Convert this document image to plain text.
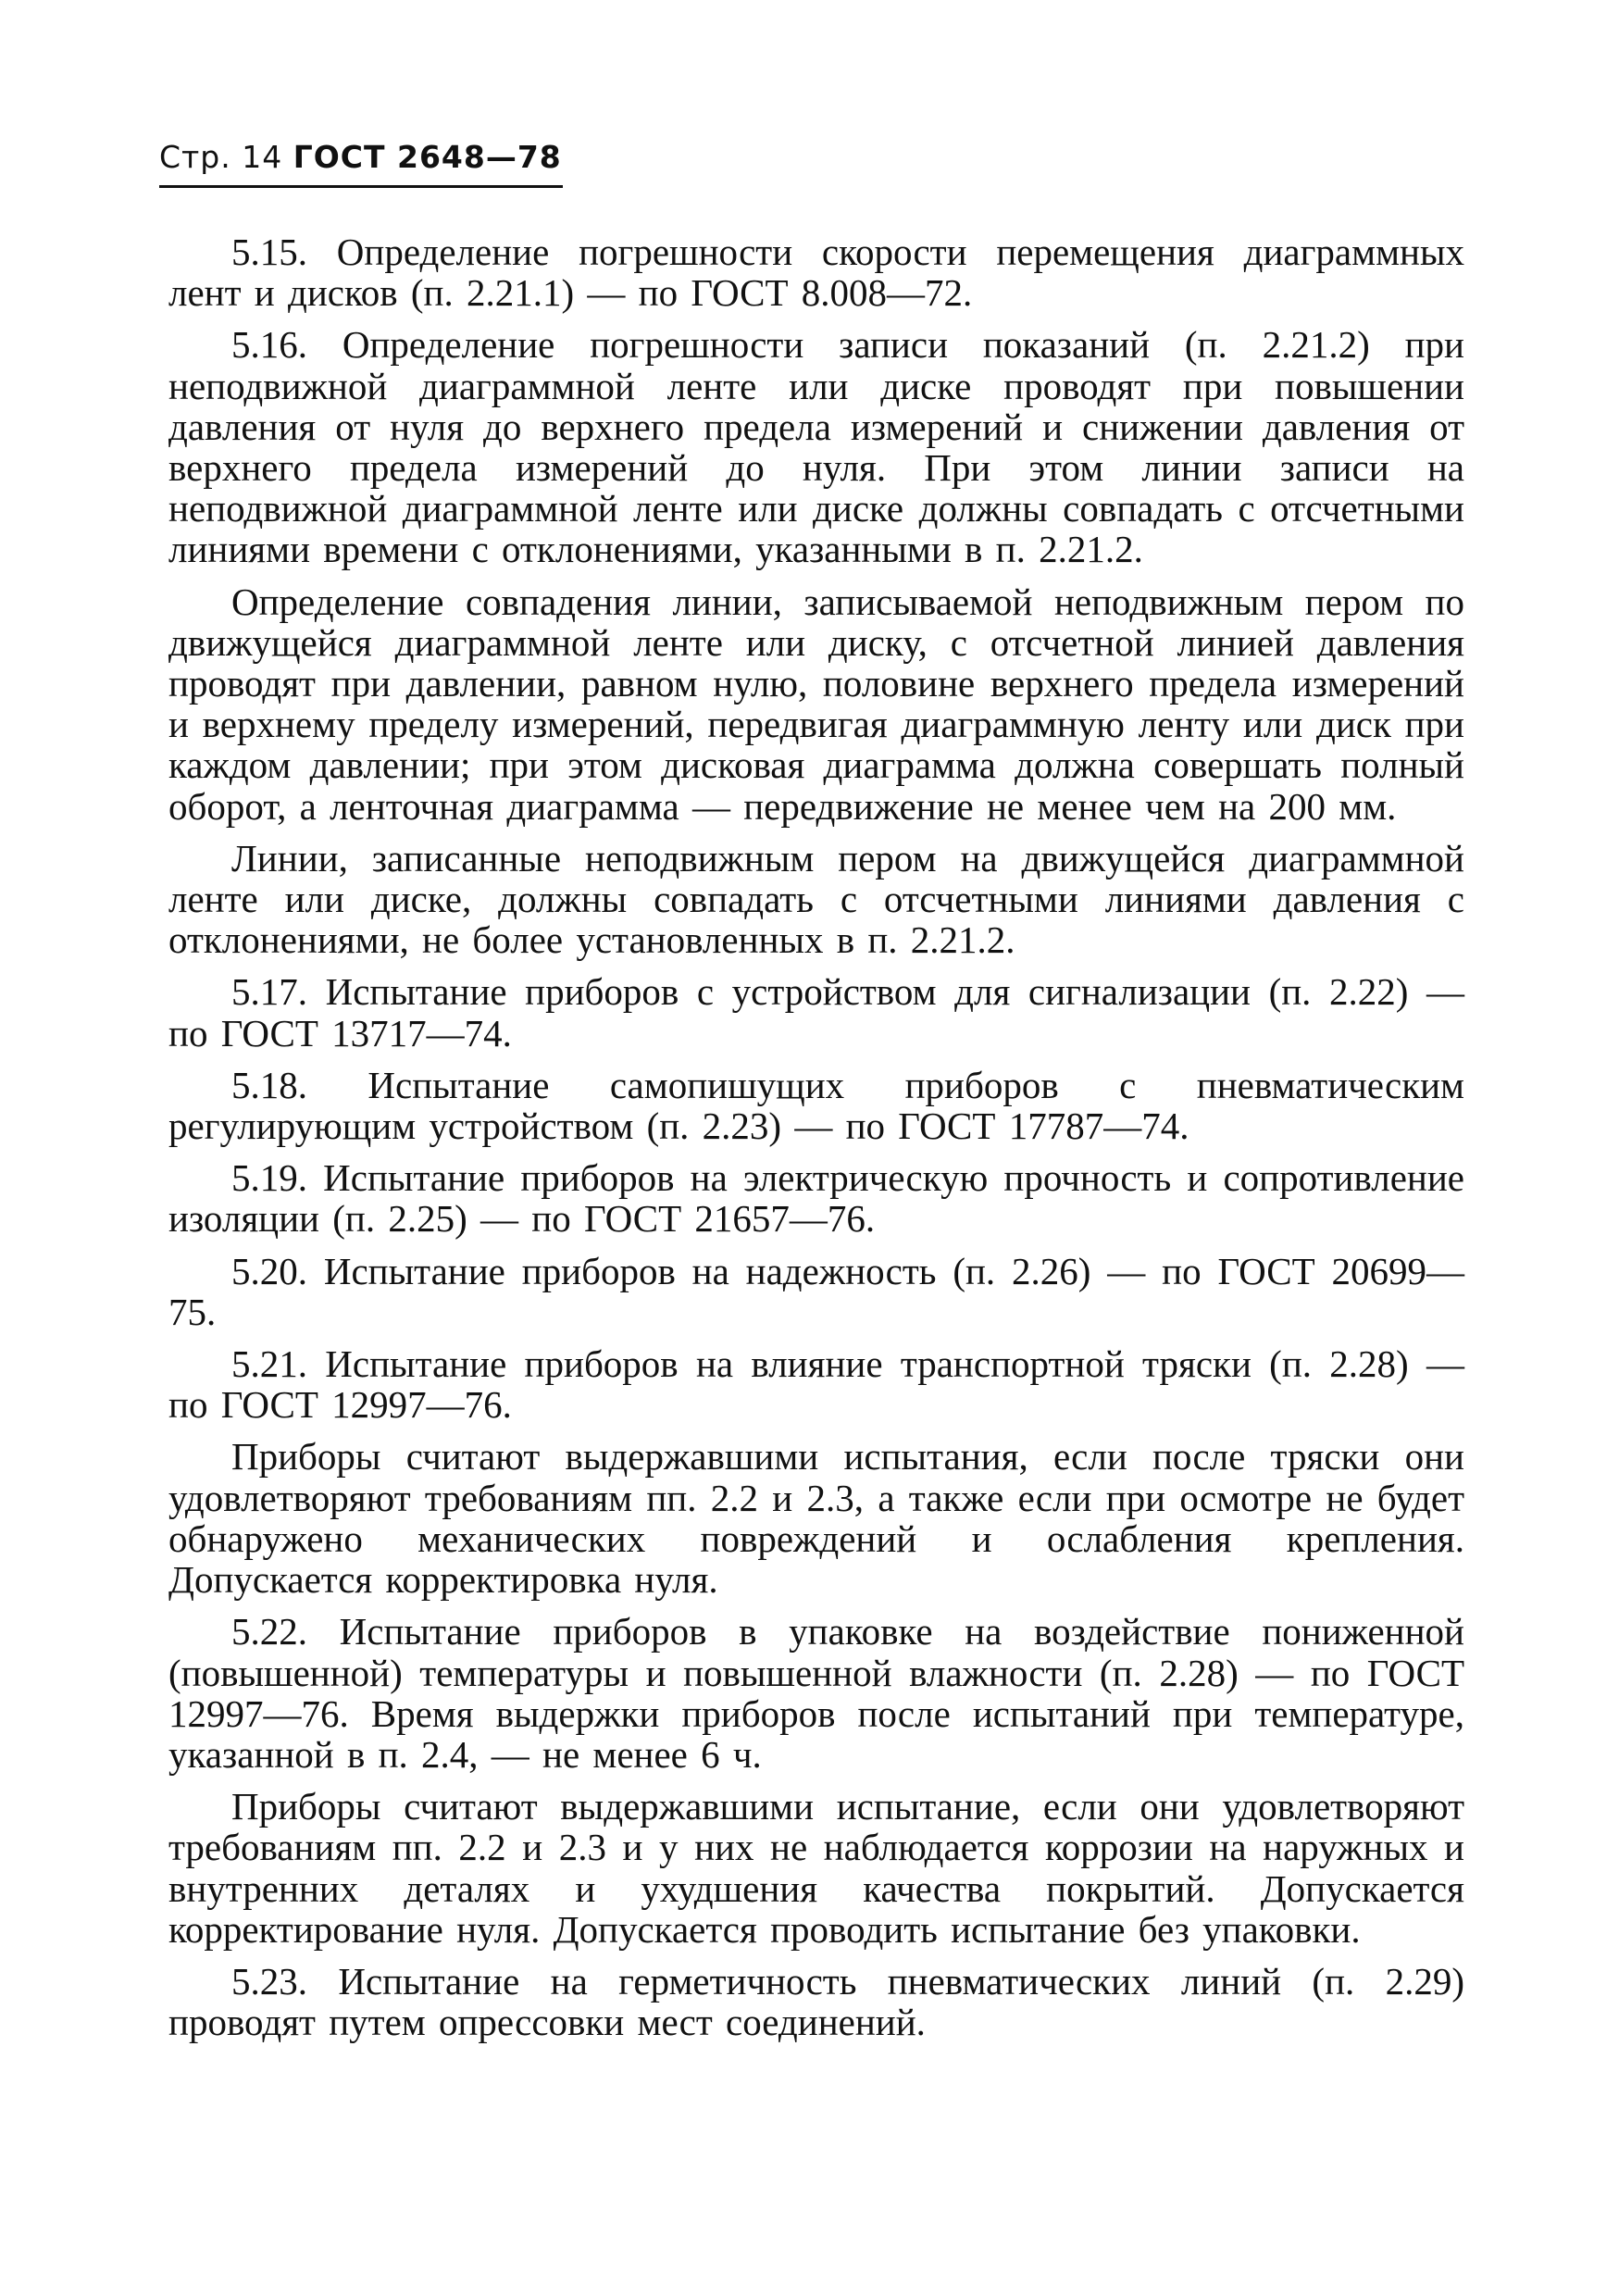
Стр. 14 ГОСТ 2648—78

5.15. Определение погрешности скорости перемещения диаграммных лент и дисков (п. 2.21.1) — по ГОСТ 8.008—72.

5.16. Определение погрешности записи показаний (п. 2.21.2) при неподвижной диаграммной ленте или диске проводят при повышении давления от нуля до верхнего предела измерений и снижении давления от верхнего предела измерений до нуля. При этом линии записи на неподвижной диаграммной ленте или диске должны совпадать с отсчетными линиями времени с отклонениями, указанными в п. 2.21.2.

Определение совпадения линии, записываемой неподвижным пером по движущейся диаграммной ленте или диску, с отсчетной линией давления проводят при давлении, равном нулю, половине верхнего предела измерений и верхнему пределу измерений, передвигая диаграммную ленту или диск при каждом давлении; при этом дисковая диаграмма должна совершать полный оборот, а ленточная диаграмма — передвижение не менее чем на 200 мм.

Линии, записанные неподвижным пером на движущейся диаграммной ленте или диске, должны совпадать с отсчетными линиями давления с отклонениями, не более установленных в п. 2.21.2.

5.17. Испытание приборов с устройством для сигнализации (п. 2.22) — по ГОСТ 13717—74.

5.18. Испытание самопишущих приборов с пневматическим регулирующим устройством (п. 2.23) — по ГОСТ 17787—74.

5.19. Испытание приборов на электрическую прочность и сопротивление изоляции (п. 2.25) — по ГОСТ 21657—76.

5.20. Испытание приборов на надежность (п. 2.26) — по ГОСТ 20699—75.

5.21. Испытание приборов на влияние транспортной тряски (п. 2.28) — по ГОСТ 12997—76.

Приборы считают выдержавшими испытания, если после тряски они удовлетворяют требованиям пп. 2.2 и 2.3, а также если при осмотре не будет обнаружено механических повреждений и ослабления крепления. Допускается корректировка нуля.

5.22. Испытание приборов в упаковке на воздействие пониженной (повышенной) температуры и повышенной влажности (п. 2.28) — по ГОСТ 12997—76. Время выдержки приборов после испытаний при температуре, указанной в п. 2.4, — не менее 6 ч.

Приборы считают выдержавшими испытание, если они удовлетворяют требованиям пп. 2.2 и 2.3 и у них не наблюдается коррозии на наружных и внутренних деталях и ухудшения качества покрытий. Допускается корректирование нуля. Допускается проводить испытание без упаковки.

5.23. Испытание на герметичность пневматических линий (п. 2.29) проводят путем опрессовки мест соединений.
